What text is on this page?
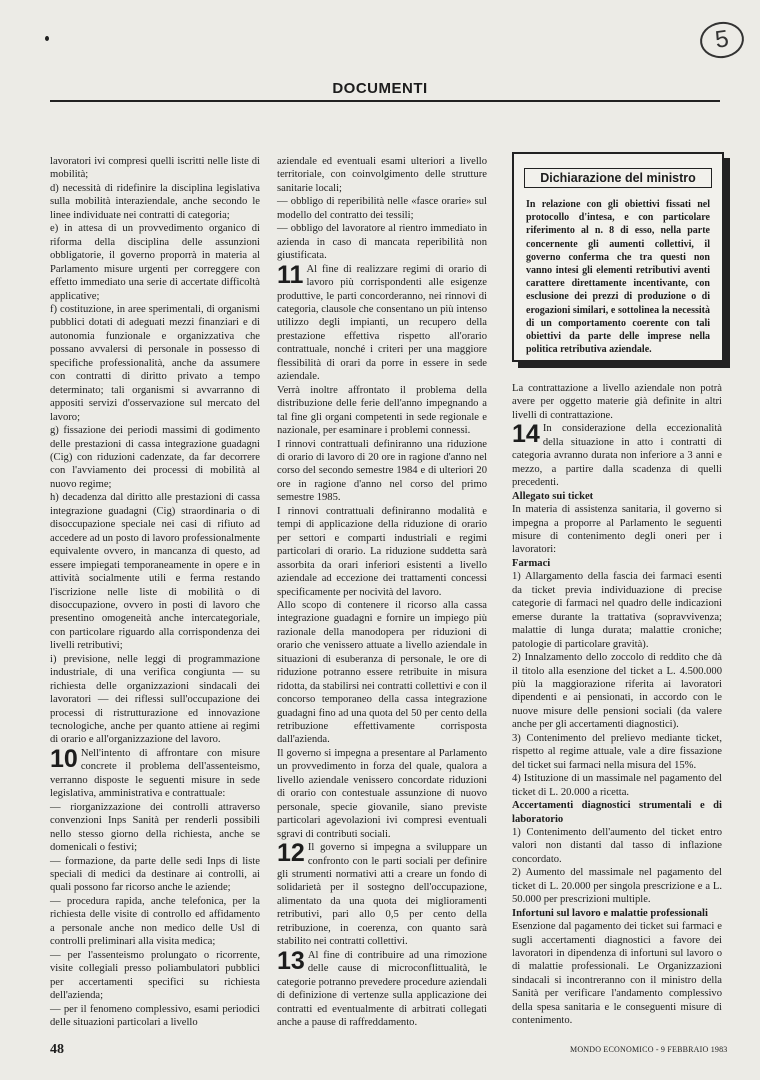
5
DOCUMENTI

lavoratori ivi compresi quelli iscritti nelle liste di mobilità;

d) necessità di ridefinire la disciplina legislativa sulla mobilità interaziendale, anche secondo le linee individuate nei contratti di categoria;

e) in attesa di un provvedimento organico di riforma della disciplina delle assunzioni obbligatorie, il governo proporrà in materia al Parlamento misure urgenti per correggere con effetto immediato una serie di accertate difficoltà applicative;

f) costituzione, in aree sperimentali, di organismi pubblici dotati di adeguati mezzi finanziari e di autonomia funzionale e organizzativa che possano avvalersi di personale in possesso di specifiche professionalità, anche da assumere con contratti di diritto privato a tempo determinato; tali organismi si avvarranno di appositi servizi d'osservazione sul mercato del lavoro;

g) fissazione dei periodi massimi di godimento delle prestazioni di cassa integrazione guadagni (Cig) con riduzioni cadenzate, da far decorrere con l'avviamento dei processi di mobilità al nuovo regime;

h) decadenza dal diritto alle prestazioni di cassa integrazione guadagni (Cig) straordinaria o di disoccupazione speciale nei casi di rifiuto ad accedere ad un posto di lavoro professionalmente equivalente ovvero, in mancanza di questo, ad essere impiegati temporaneamente in opere e in attività socialmente utili e ferma restando l'iscrizione nelle liste di mobilità o di disoccupazione, ovvero in posti di lavoro che presentino omogeneità anche intercategoriale, con particolare riguardo alla corrispondenza dei livelli retributivi;

i) previsione, nelle leggi di programmazione industriale, di una verifica congiunta — su richiesta delle organizzazioni sindacali dei lavoratori — dei riflessi sull'occupazione dei processi di ristrutturazione ed innovazione tecnologiche, anche per quanto attiene ai regimi di orario e all'organizzazione del lavoro.

10 Nell'intento di affrontare con misure concrete il problema dell'assenteismo, verranno disposte le seguenti misure in sede legislativa, amministrativa e contrattuale:

— riorganizzazione dei controlli attraverso convenzioni Inps Sanità per renderli possibili nello stesso giorno della richiesta, anche se domenicali o festivi;

— formazione, da parte delle sedi Inps di liste speciali di medici da destinare ai controlli, ai quali possono far ricorso anche le aziende;

— procedura rapida, anche telefonica, per la richiesta delle visite di controllo ed affidamento a personale anche non medico delle Usl di controlli preliminari alla visita medica;

— per l'assenteismo prolungato o ricorrente, visite collegiali presso poliambulatori pubblici per accertamenti specifici su richiesta dell'azienda;

— per il fenomeno complessivo, esami periodici delle situazioni particolari a livello

aziendale ed eventuali esami ulteriori a livello territoriale, con coinvolgimento delle strutture sanitarie locali;

— obbligo di reperibilità nelle «fasce orarie» sul modello del contratto dei tessili;

— obbligo del lavoratore al rientro immediato in azienda in caso di mancata reperibilità non giustificata.

11 Al fine di realizzare regimi di orario di lavoro più corrispondenti alle esigenze produttive, le parti concorderanno, nei rinnovi di categoria, clausole che consentano un più intenso utilizzo degli impianti, un recupero della prestazione effettiva rispetto all'orario contrattuale, nonché i criteri per una maggiore flessibilità di orari da porre in essere in sede aziendale.

Verrà inoltre affrontato il problema della distribuzione delle ferie dell'anno impegnando a tal fine gli organi competenti in sede regionale e nazionale, per esaminare i problemi connessi.

I rinnovi contrattuali definiranno una riduzione di orario di lavoro di 20 ore in ragione d'anno nel corso del secondo semestre 1984 e di ulteriori 20 ore in ragione d'anno nel corso del primo semestre 1985.

I rinnovi contrattuali definiranno modalità e tempi di applicazione della riduzione di orario per settori e comparti industriali e regimi particolari di orario. La riduzione suddetta sarà assorbita da orari inferiori esistenti a livello aziendale ad eccezione dei trattamenti concessi specificamente per nocività del lavoro.

Allo scopo di contenere il ricorso alla cassa integrazione guadagni e fornire un impiego più razionale della manodopera per riduzioni di orario che venissero attuate a livello aziendale in situazioni di esuberanza di personale, le ore di riduzione potranno essere retribuite in misura ridotta, da stabilirsi nei contratti collettivi e con il concorso temporaneo della cassa integrazione guadagni fino ad una quota del 50 per cento della retribuzione effettivamente corrisposta dall'azienda.

Il governo si impegna a presentare al Parlamento un provvedimento in forza del quale, qualora a livello aziendale venissero concordate riduzioni di orario con contestuale assunzione di nuovo personale, specie giovanile, siano previste particolari agevolazioni ivi compresi eventuali sgravi di contributi sociali.

12 Il governo si impegna a sviluppare un confronto con le parti sociali per definire gli strumenti normativi atti a creare un fondo di solidarietà per il sostegno dell'occupazione, alimentato da una quota dei miglioramenti retributivi, pari allo 0,5 per cento della retribuzione, in coerenza, con quanto sarà stabilito nei contratti collettivi.

13 Al fine di contribuire ad una rimozione delle cause di microconflittualità, le categorie potranno prevedere procedure aziendali di definizione di vertenze sulla applicazione dei contratti ed eventualmente di arbitrati collegati anche a pause di raffreddamento.

Dichiarazione del ministro
In relazione con gli obiettivi fissati nel protocollo d'intesa, e con particolare riferimento al n. 8 di esso, nella parte concernente gli aumenti collettivi, il governo conferma che tra questi non vanno intesi gli elementi retributivi aventi carattere direttamente incentivante, con esclusione dei prezzi di produzione o di erogazioni similari, e sottolinea la necessità di un comportamento coerente con tali obiettivi da parte delle imprese nella politica retributiva aziendale.

La contrattazione a livello aziendale non potrà avere per oggetto materie già definite in altri livelli di contrattazione.

14 In considerazione della eccezionalità della situazione in atto i contratti di categoria avranno durata non inferiore a 3 anni e mezzo, a partire dalla scadenza di quelli precedenti.

Allegato sui ticket

In materia di assistenza sanitaria, il governo si impegna a proporre al Parlamento le seguenti misure di contenimento degli oneri per i lavoratori:

Farmaci

1) Allargamento della fascia dei farmaci esenti da ticket previa individuazione di precise categorie di farmaci nel quadro delle indicazioni emerse durante la trattativa (sopravvivenza; malattie di lunga durata; malattie croniche; patologie di particolare gravità).

2) Innalzamento dello zoccolo di reddito che dà il titolo alla esenzione del ticket a L. 4.500.000 più la maggiorazione riferita ai lavoratori dipendenti e ai pensionati, in accordo con le nuove misure delle pensioni sociali (da valere anche per gli accertamenti diagnostici).

3) Contenimento del prelievo mediante ticket, rispetto al regime attuale, vale a dire fissazione del ticket sui farmaci nella misura del 15%.

4) Istituzione di un massimale nel pagamento del ticket di L. 20.000 a ricetta.

Accertamenti diagnostici strumentali e di laboratorio

1) Contenimento dell'aumento del ticket entro valori non distanti dal tasso di inflazione concordato.

2) Aumento del massimale nel pagamento del ticket di L. 20.000 per singola prescrizione e a L. 50.000 per prescrizioni multiple.

Infortuni sul lavoro e malattie professionali

Esenzione dal pagamento dei ticket sui farmaci e sugli accertamenti diagnostici a favore dei lavoratori in dipendenza di infortuni sul lavoro o di malattie professionali. Le Organizzazioni sindacali si incontreranno con il ministro della Sanità per verificare l'andamento complessivo della spesa sanitaria e le conseguenti misure di contenimento.

48	MONDO ECONOMICO - 9 FEBBRAIO 1983
